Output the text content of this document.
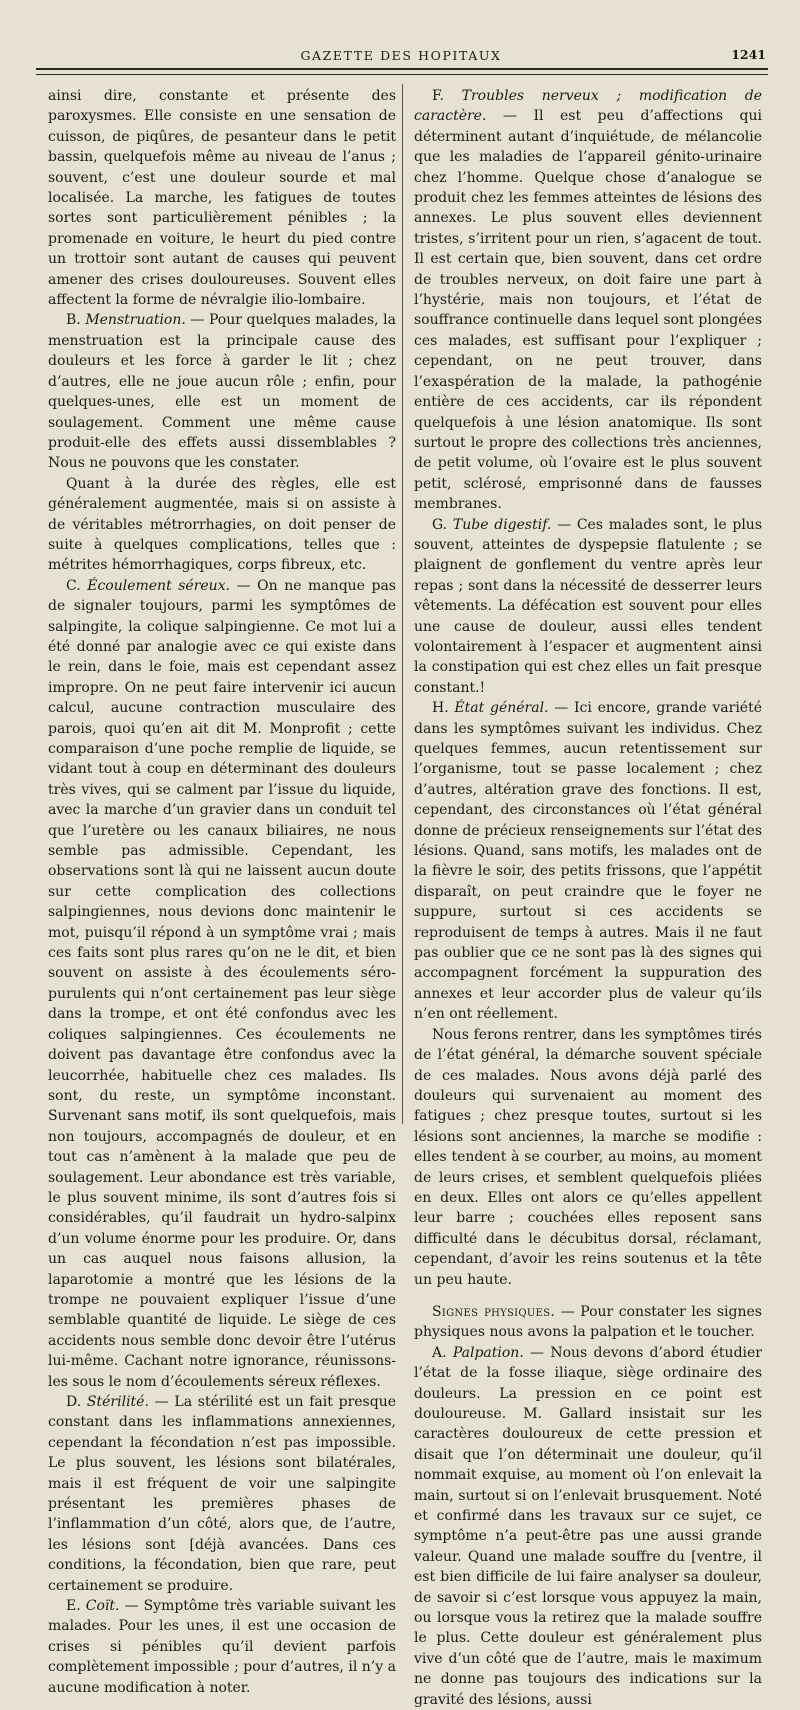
GAZETTE DES HOPITAUX	1241

ainsi dire, constante et présente des paroxysmes. Elle consiste en une sensation de cuisson, de piqûres, de pesanteur dans le petit bassin, quelquefois même au niveau de l’anus ; souvent, c’est une douleur sourde et mal localisée. La marche, les fatigues de toutes sortes sont particulièrement pénibles ; la promenade en voiture, le heurt du pied contre un trottoir sont autant de causes qui peuvent amener des crises douloureuses. Souvent elles affectent la forme de névralgie ilio-lombaire.

B. Menstruation. — Pour quelques malades, la menstruation est la principale cause des douleurs et les force à garder le lit ; chez d’autres, elle ne joue aucun rôle ; enfin, pour quelques-unes, elle est un moment de soulagement. Comment une même cause produit-elle des effets aussi dissemblables ? Nous ne pouvons que les constater.

Quant à la durée des règles, elle est généralement augmentée, mais si on assiste à de véritables métrorrhagies, on doit penser de suite à quelques complications, telles que : métrites hémorrhagiques, corps fibreux, etc.

C. Écoulement séreux. — On ne manque pas de signaler toujours, parmi les symptômes de salpingite, la colique salpingienne. Ce mot lui a été donné par analogie avec ce qui existe dans le rein, dans le foie, mais est cependant assez impropre. On ne peut faire intervenir ici aucun calcul, aucune contraction musculaire des parois, quoi qu’en ait dit M. Monprofit ; cette comparaison d’une poche remplie de liquide, se vidant tout à coup en déterminant des douleurs très vives, qui se calment par l’issue du liquide, avec la marche d’un gravier dans un conduit tel que l’uretère ou les canaux biliaires, ne nous semble pas admissible. Cependant, les observations sont là qui ne laissent aucun doute sur cette complication des collections salpingiennes, nous devions donc maintenir le mot, puisqu’il répond à un symptôme vrai ; mais ces faits sont plus rares qu’on ne le dit, et bien souvent on assiste à des écoulements séro-purulents qui n’ont certainement pas leur siège dans la trompe, et ont été confondus avec les coliques salpingiennes. Ces écoulements ne doivent pas davantage être confondus avec la leucorrhée, habituelle chez ces malades. Ils sont, du reste, un symptôme inconstant. Survenant sans motif, ils sont quelquefois, mais non toujours, accompagnés de douleur, et en tout cas n’amènent à la malade que peu de soulagement. Leur abondance est très variable, le plus souvent minime, ils sont d’autres fois si considérables, qu’il faudrait un hydro-salpinx d’un volume énorme pour les produire. Or, dans un cas auquel nous faisons allusion, la laparotomie a montré que les lésions de la trompe ne pouvaient expliquer l’issue d’une semblable quantité de liquide. Le siège de ces accidents nous semble donc devoir être l’utérus lui-même. Cachant notre ignorance, réunissons-les sous le nom d’écoulements séreux réflexes.

D. Stérilité. — La stérilité est un fait presque constant dans les inflammations annexiennes, cependant la fécondation n’est pas impossible. Le plus souvent, les lésions sont bilatérales, mais il est fréquent de voir une salpingite présentant les premières phases de l’inflammation d’un côté, alors que, de l’autre, les lésions sont [déjà avancées. Dans ces conditions, la fécondation, bien que rare, peut certainement se produire.

E. Coït. — Symptôme très variable suivant les malades. Pour les unes, il est une occasion de crises si pénibles qu’il devient parfois complètement impossible ; pour d’autres, il n’y a aucune modification à noter.

F. Troubles nerveux ; modification de caractère. — Il est peu d’affections qui déterminent autant d’inquiétude, de mélancolie que les maladies de l’appareil génito-urinaire chez l’homme. Quelque chose d’analogue se produit chez les femmes atteintes de lésions des annexes. Le plus souvent elles deviennent tristes, s’irritent pour un rien, s’agacent de tout. Il est certain que, bien souvent, dans cet ordre de troubles nerveux, on doit faire une part à l’hystérie, mais non toujours, et l’état de souffrance continuelle dans lequel sont plongées ces malades, est suffisant pour l’expliquer ; cependant, on ne peut trouver, dans l’exaspération de la malade, la pathogénie entière de ces accidents, car ils répondent quelquefois à une lésion anatomique. Ils sont surtout le propre des collections très anciennes, de petit volume, où l’ovaire est le plus souvent petit, sclérosé, emprisonné dans de fausses membranes.

G. Tube digestif. — Ces malades sont, le plus souvent, atteintes de dyspepsie flatulente ; se plaignent de gonflement du ventre après leur repas ; sont dans la nécessité de desserrer leurs vêtements. La défécation est souvent pour elles une cause de douleur, aussi elles tendent volontairement à l’espacer et augmentent ainsi la constipation qui est chez elles un fait presque constant.!

H. État général. — Ici encore, grande variété dans les symptômes suivant les individus. Chez quelques femmes, aucun retentissement sur l’organisme, tout se passe localement ; chez d’autres, altération grave des fonctions. Il est, cependant, des circonstances où l’état général donne de précieux renseignements sur l’état des lésions. Quand, sans motifs, les malades ont de la fièvre le soir, des petits frissons, que l’appétit disparaît, on peut craindre que le foyer ne suppure, surtout si ces accidents se reproduisent de temps à autres. Mais il ne faut pas oublier que ce ne sont pas là des signes qui accompagnent forcément la suppuration des annexes et leur accorder plus de valeur qu’ils n’en ont réellement.

Nous ferons rentrer, dans les symptômes tirés de l’état général, la démarche souvent spéciale de ces malades. Nous avons déjà parlé des douleurs qui survenaient au moment des fatigues ; chez presque toutes, surtout si les lésions sont anciennes, la marche se modifie : elles tendent à se courber, au moins, au moment de leurs crises, et semblent quelquefois pliées en deux. Elles ont alors ce qu’elles appellent leur barre ; couchées elles reposent sans difficulté dans le décubitus dorsal, réclamant, cependant, d’avoir les reins soutenus et la tête un peu haute.

Signes physiques. — Pour constater les signes physiques nous avons la palpation et le toucher.

A. Palpation. — Nous devons d’abord étudier l’état de la fosse iliaque, siège ordinaire des douleurs. La pression en ce point est douloureuse. M. Gallard insistait sur les caractères douloureux de cette pression et disait que l’on déterminait une douleur, qu’il nommait exquise, au moment où l’on enlevait la main, surtout si on l’enlevait brusquement. Noté et confirmé dans les travaux sur ce sujet, ce symptôme n’a peut-être pas une aussi grande valeur. Quand une malade souffre du [ventre, il est bien difficile de lui faire analyser sa douleur, de savoir si c’est lorsque vous appuyez la main, ou lorsque vous la retirez que la malade souffre le plus. Cette douleur est généralement plus vive d’un côté que de l’autre, mais le maximum ne donne pas toujours des indications sur la gravité des lésions, aussi
